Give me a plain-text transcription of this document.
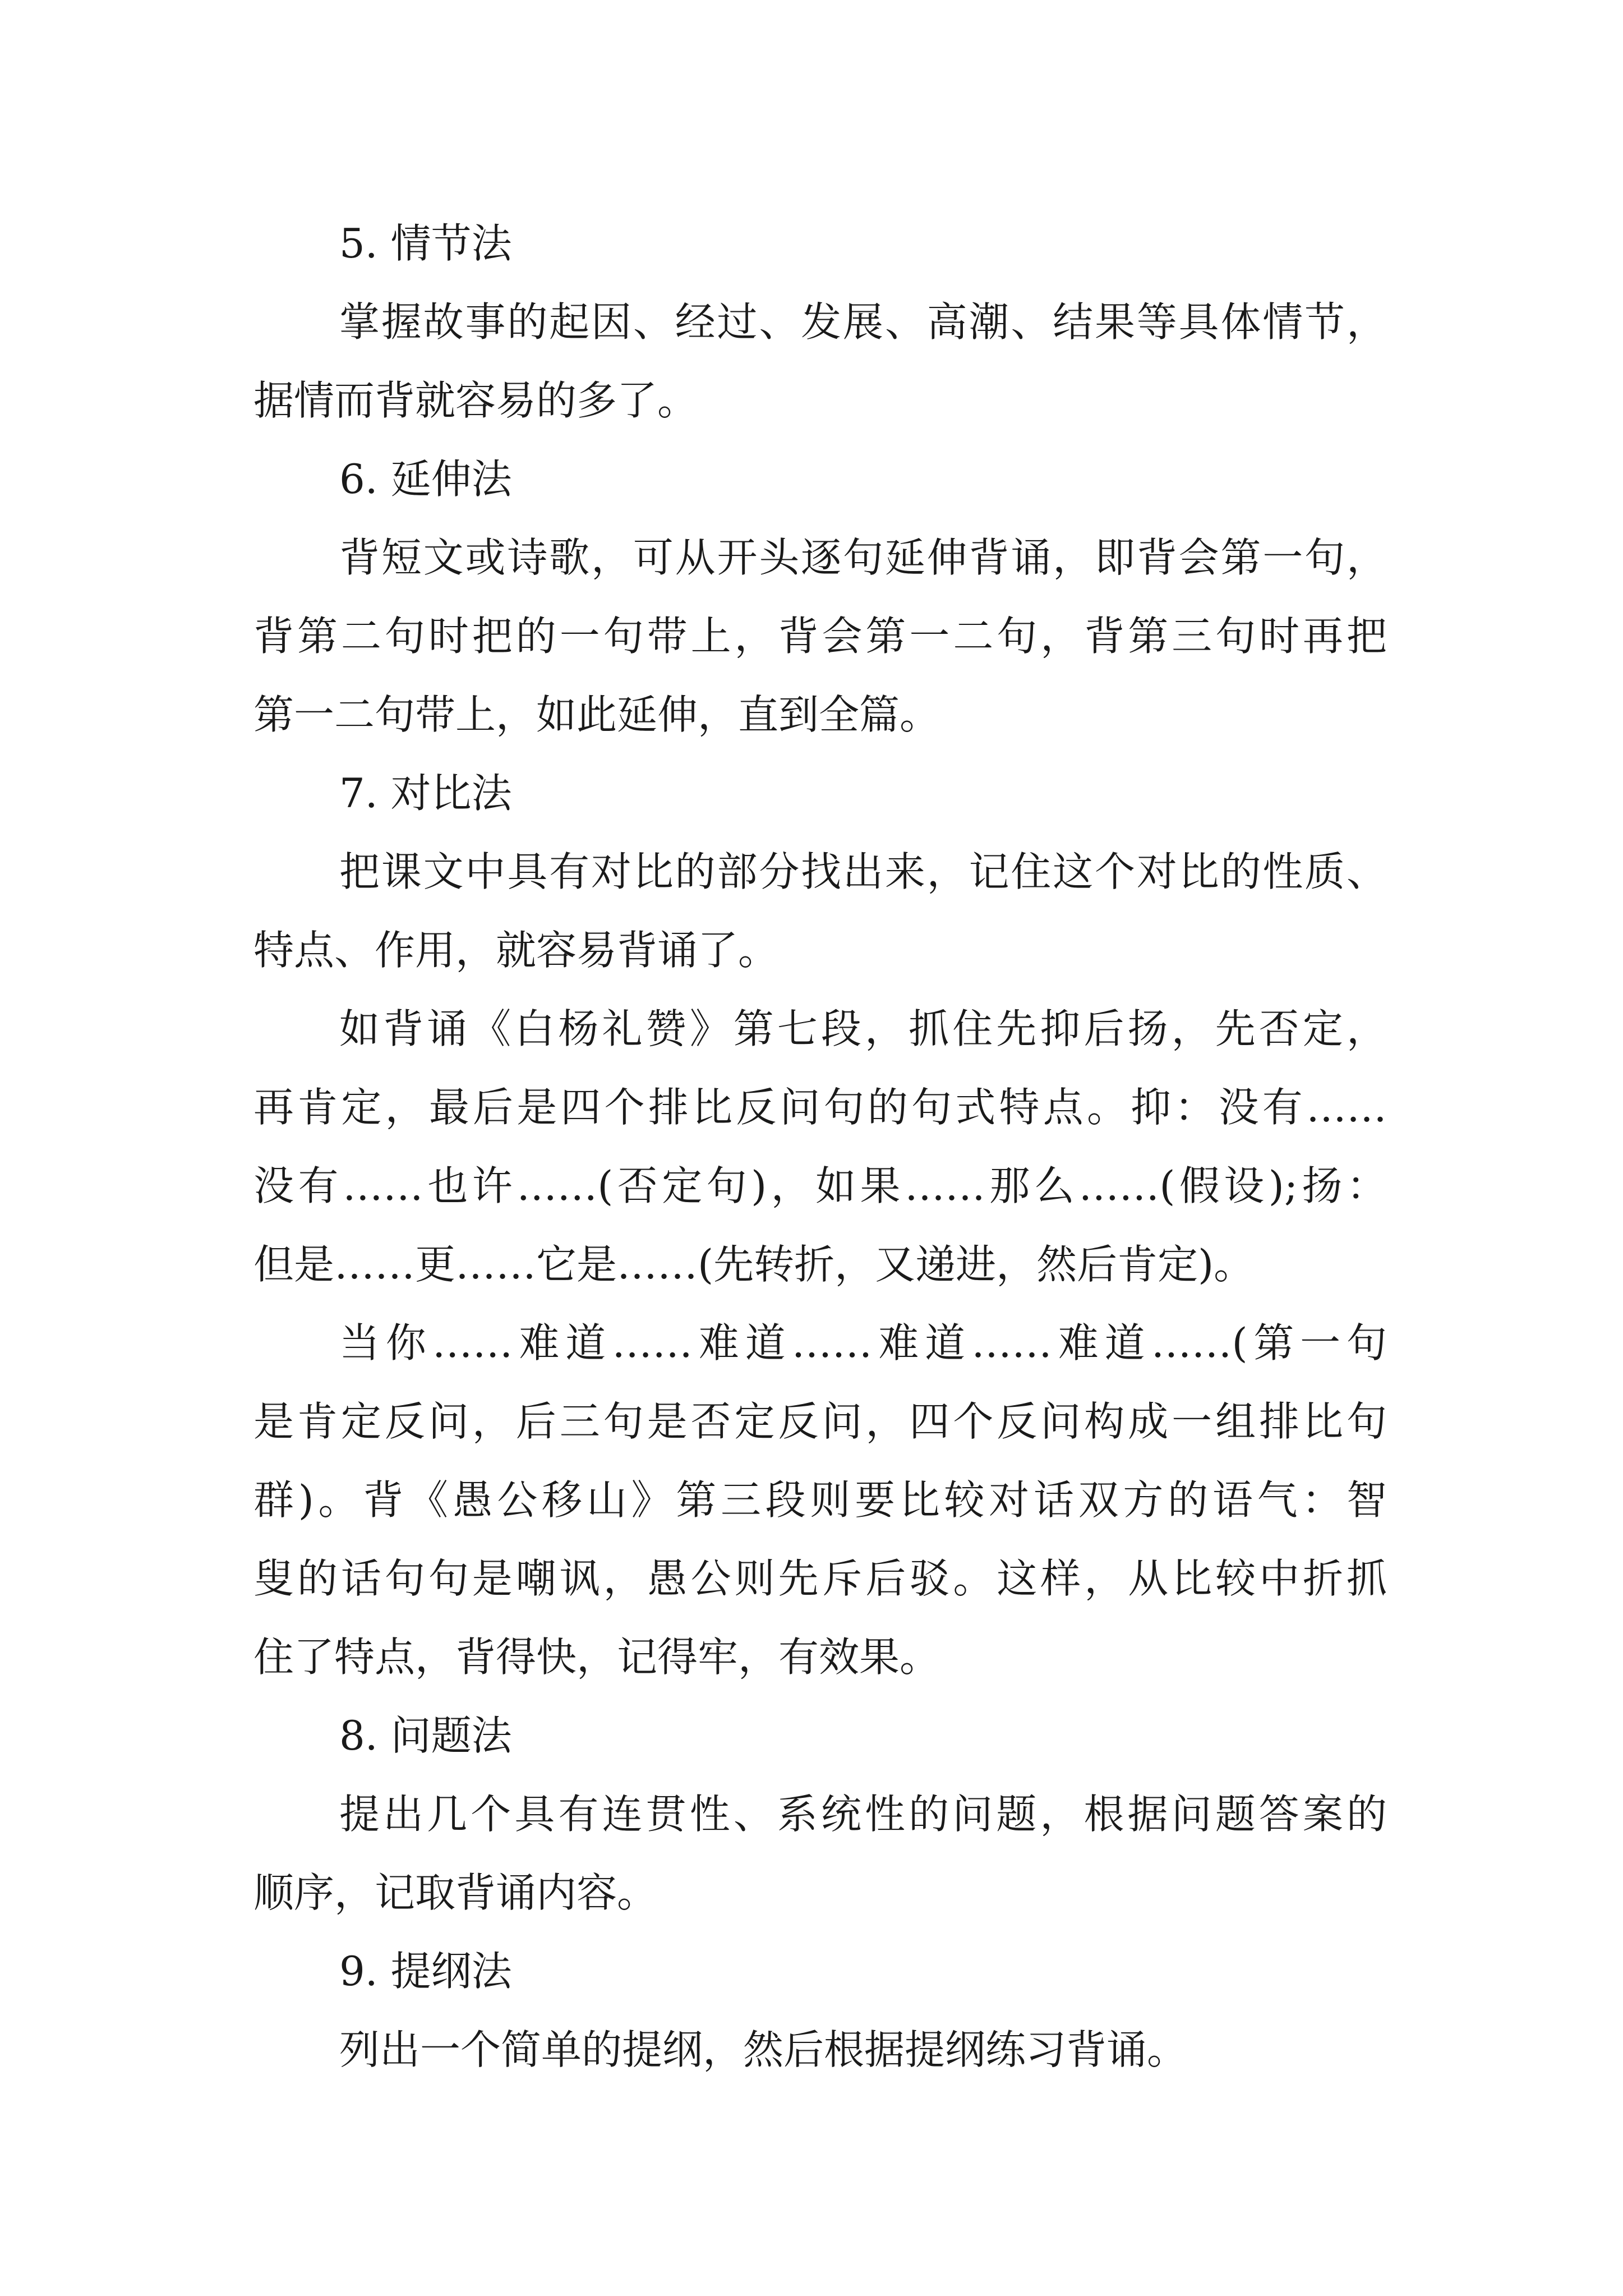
5. 情节法
掌握故事的起因、经过、发展、高潮、结果等具体情节，
据情而背就容易的多了。
6. 延伸法
背短文或诗歌，可从开头逐句延伸背诵，即背会第一句，
背第二句时把的一句带上，背会第一二句，背第三句时再把
第一二句带上，如此延伸，直到全篇。
7. 对比法
把课文中具有对比的部分找出来，记住这个对比的性质、
特点、作用，就容易背诵了。
如背诵《白杨礼赞》第七段，抓住先抑后扬，先否定，
再肯定，最后是四个排比反问句的句式特点。抑：没有……
没有……也许……(否定句)，如果……那么……(假设);扬：
但是……更……它是……(先转折，又递进，然后肯定)。
当你……难道……难道……难道……难道……(第一句
是肯定反问，后三句是否定反问，四个反问构成一组排比句
群)。背《愚公移山》第三段则要比较对话双方的语气：智
叟的话句句是嘲讽，愚公则先斥后驳。这样，从比较中折抓
住了特点，背得快，记得牢，有效果。
8. 问题法
提出几个具有连贯性、系统性的问题，根据问题答案的
顺序，记取背诵内容。
9. 提纲法
列出一个简单的提纲，然后根据提纲练习背诵。
